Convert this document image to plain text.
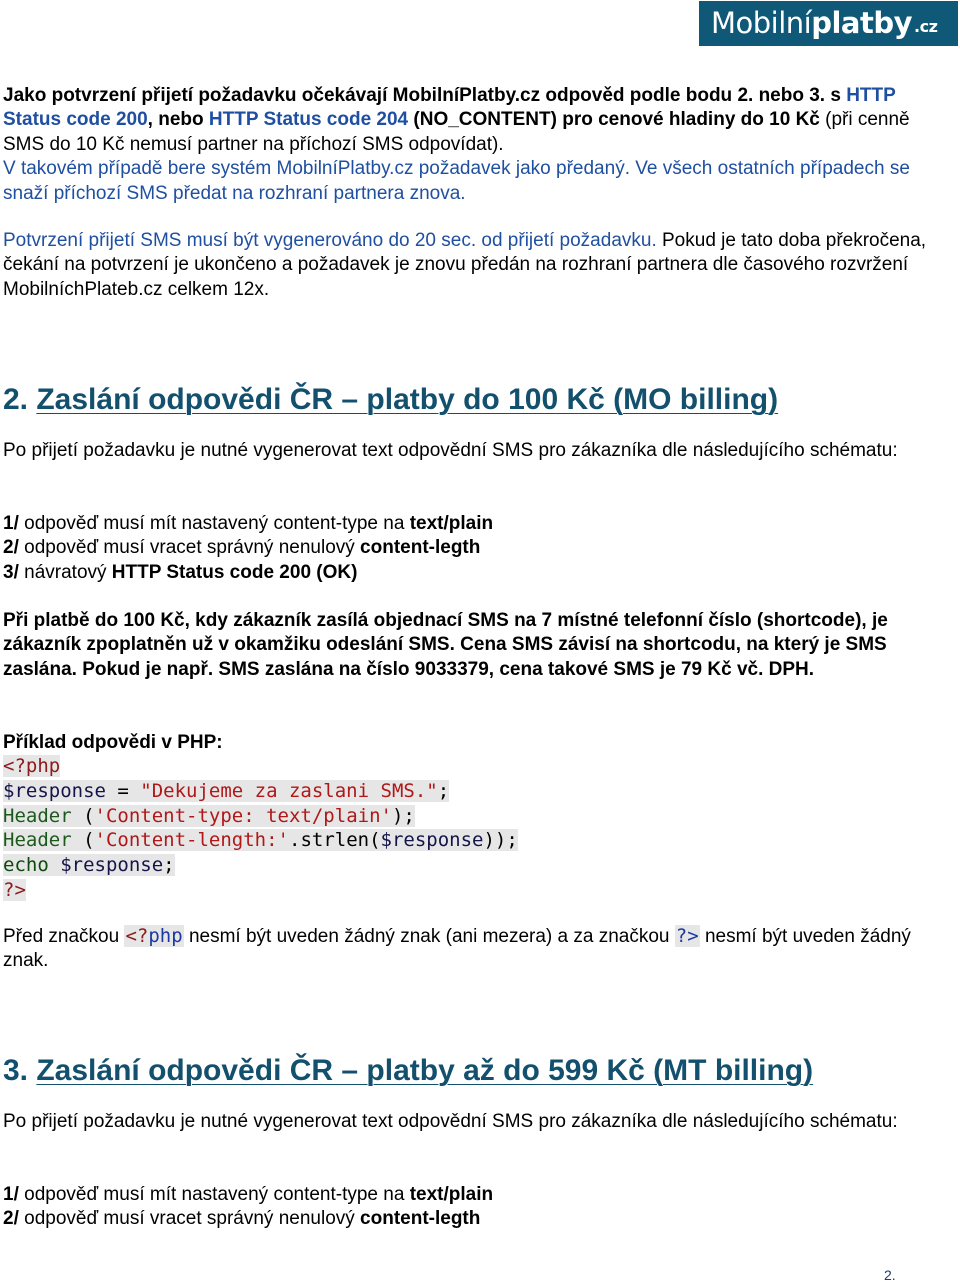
Mobilní platby .cz

Jako potvrzení přijetí požadavku očekávají MobilníPlatby.cz odpověd podle bodu 2. nebo 3. s HTTP Status code 200, nebo HTTP Status code 204 (NO_CONTENT) pro cenové hladiny do 10 Kč (při cenně SMS do 10 Kč nemusí partner na příchozí SMS odpovídat).
V takovém případě bere systém MobilníPlatby.cz požadavek jako předaný. Ve všech ostatních případech se snaží příchozí SMS předat na rozhraní partnera znova.

Potvrzení přijetí SMS musí být vygenerováno do 20 sec. od přijetí požadavku. Pokud je tato doba překročena, čekání na potvrzení je ukončeno a požadavek je znovu předán na rozhraní partnera dle časového rozvržení MobilníchPlateb.cz celkem 12x.

2. Zaslání odpovědi ČR – platby do 100 Kč (MO billing)

Po přijetí požadavku je nutné vygenerovat text odpovědní SMS pro zákazníka dle následujícího schématu:

1/ odpověď musí mít nastavený content-type na text/plain
2/ odpověď musí vracet správný nenulový content-legth
3/ návratový HTTP Status code 200 (OK)

Při platbě do 100 Kč, kdy zákazník zasílá objednací SMS na 7 místné telefonní číslo (shortcode), je zákazník zpoplatněn už v okamžiku odeslání SMS. Cena SMS závisí na shortcodu, na který je SMS zaslána. Pokud je např. SMS zaslána na číslo 9033379, cena takové SMS je 79 Kč vč. DPH.

Příklad odpovědi v PHP:

<?php
$response = "Dekujeme za zaslani SMS.";
Header ('Content-type: text/plain');
Header ('Content-length:'.strlen($response));
echo $response;
?>

Před značkou <?php nesmí být uveden žádný znak (ani mezera) a za značkou ?> nesmí být uveden žádný znak.

3. Zaslání odpovědi ČR – platby až do 599 Kč (MT billing)

Po přijetí požadavku je nutné vygenerovat text odpovědní SMS pro zákazníka dle následujícího schématu:

1/ odpověď musí mít nastavený content-type na text/plain
2/ odpověď musí vracet správný nenulový content-legth
2.
